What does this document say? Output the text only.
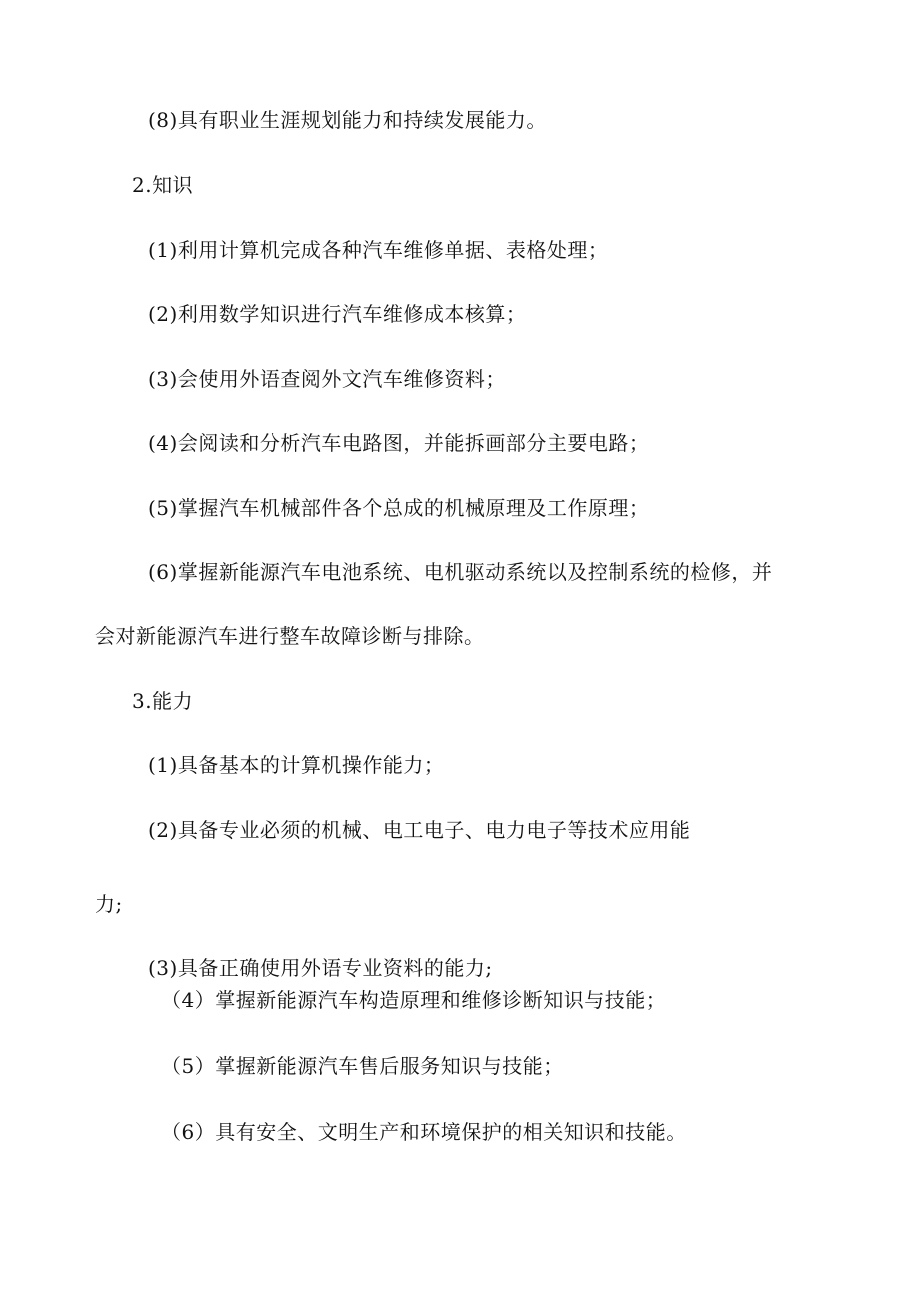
(8)具有职业生涯规划能力和持续发展能力。
2.知识
(1)利用计算机完成各种汽车维修单据、表格处理；
(2)利用数学知识进行汽车维修成本核算；
(3)会使用外语查阅外文汽车维修资料；
(4)会阅读和分析汽车电路图，并能拆画部分主要电路；
(5)掌握汽车机械部件各个总成的机械原理及工作原理；
(6)掌握新能源汽车电池系统、电机驱动系统以及控制系统的检修，并
会对新能源汽车进行整车故障诊断与排除。
3.能力
(1)具备基本的计算机操作能力；
(2)具备专业必须的机械、电工电子、电力电子等技术应用能
力;
(3)具备正确使用外语专业资料的能力;
（4）掌握新能源汽车构造原理和维修诊断知识与技能；
（5）掌握新能源汽车售后服务知识与技能；
（6）具有安全、文明生产和环境保护的相关知识和技能。
